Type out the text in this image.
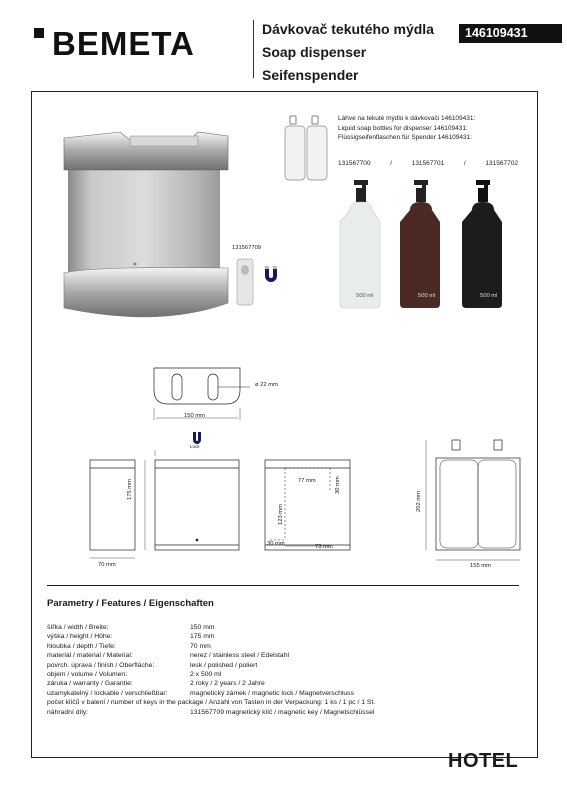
BEMETA	Dávkovač tekutého mýdla
Soap dispenser
Seifenspender
146109431
131567709
Láhve na tekuté mýdlo k dávkovači 146109431:
Liquid soap bottles for dispenser 146109431:
Flüssigseifenflaschen für Spender 146109431:
131567700	/	131567701	/	131567702
500 ml	500 ml	500 ml
ø 22 mm
150 mm
Lock
175 mm
70 mm
77 mm	30 mm
123 mm
30 mm	73 mm
202 mm
155 mm
Parametry / Features / Eigenschaften
šířka / width / Breite:	150 mm
výška / height / Höhe:	175 mm
hloubka / depth / Tiefe:	70 mm
materiál / material / Material:	nerez / stainless steel / Edelstahl
povrch. úprava / finish / Oberfläche:	lesk / polished / poliert
objem / volume / Volumen:	2 x 500 ml
záruka / warranty / Garantie:	2 roky / 2 years / 2 Jahre
uzamykatelný / lockable / verschließbar:	magnetický zámek / magnetic lock / Magnetverschluss
počet klíčů v balení / number of keys in the package / Anzahl von Tasten in der Verpackung:
1 ks / 1 pc / 1 St.
náhradní díly:	131567709 magnetický klíč / magnetic key / Magnetschlüssel
HOTEL
